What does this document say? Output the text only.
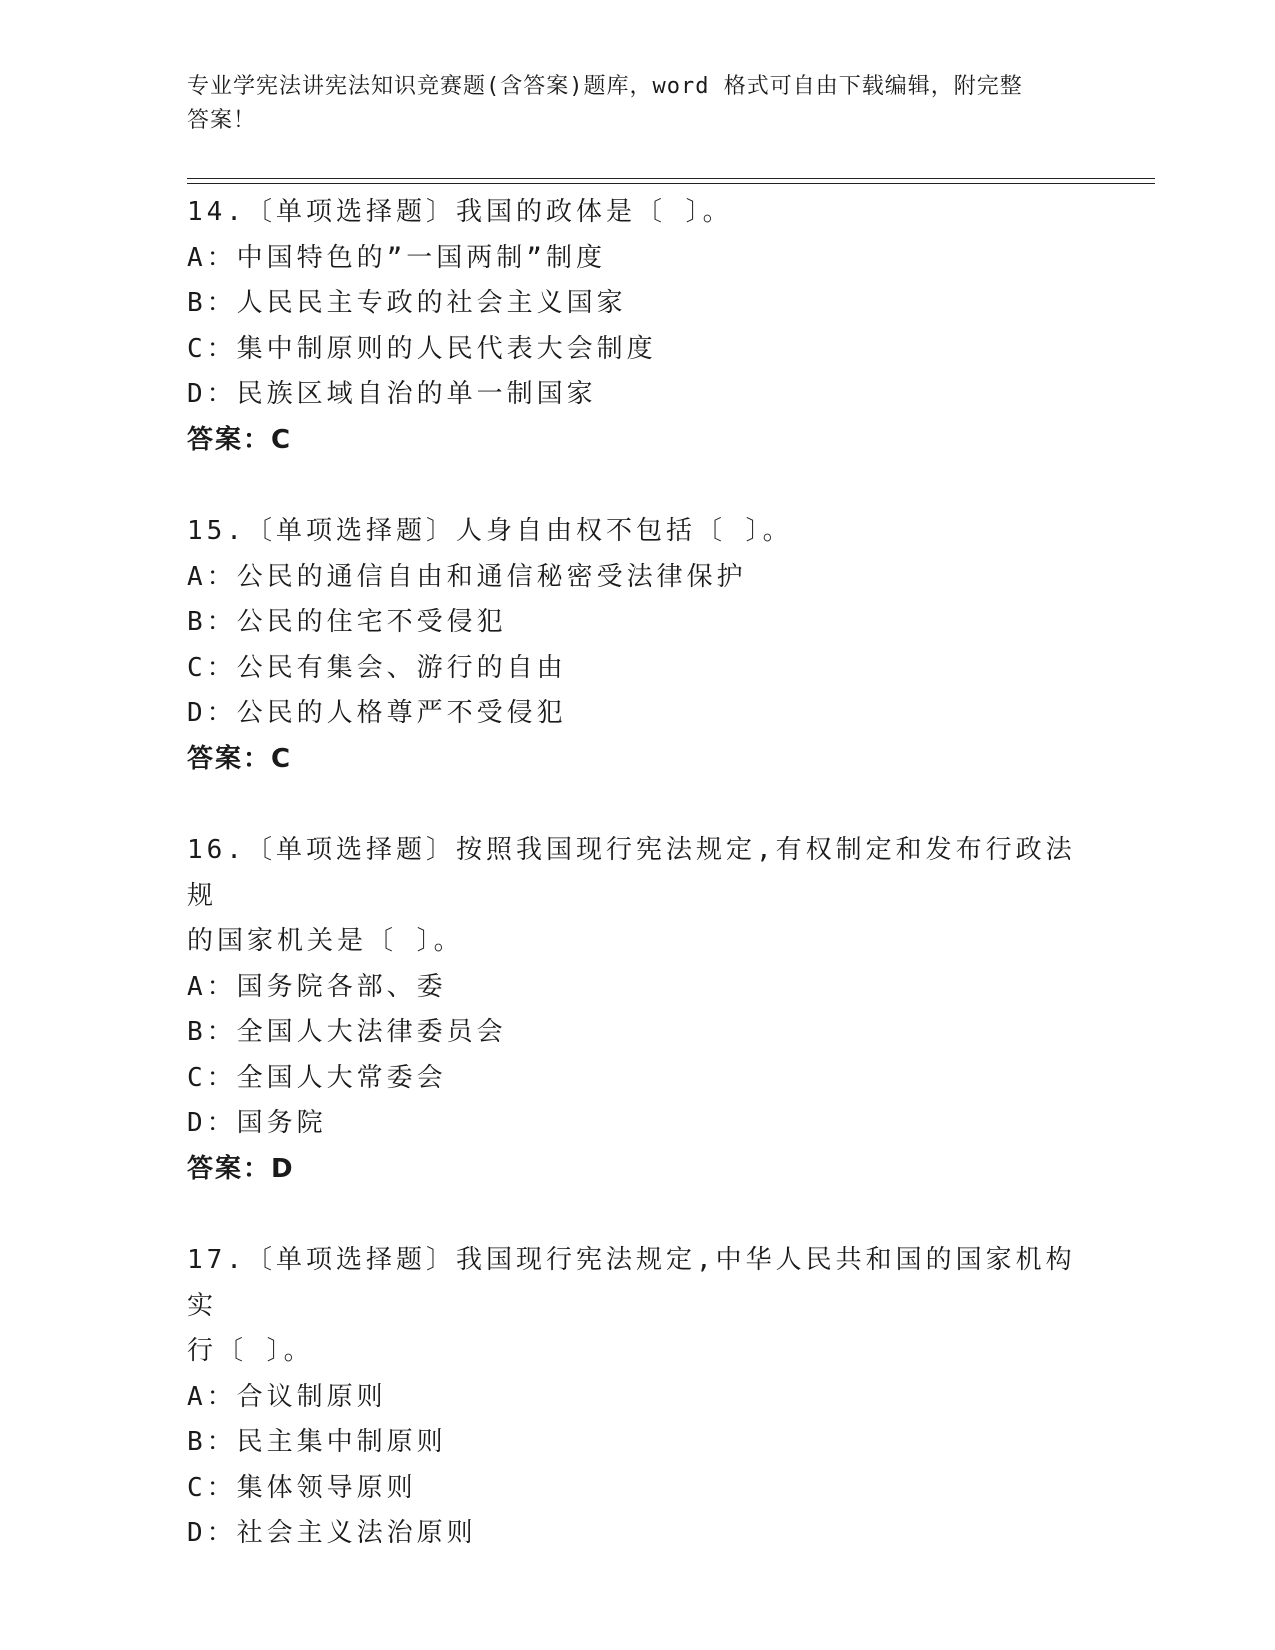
专业学宪法讲宪法知识竞赛题(含答案)题库，word 格式可自由下载编辑，附完整
答案！
14.〔单项选择题〕我国的政体是〔 〕。
A：中国特色的”一国两制”制度
B：人民民主专政的社会主义国家
C：集中制原则的人民代表大会制度
D：民族区域自治的单一制国家
答案：C
15.〔单项选择题〕人身自由权不包括〔 〕。
A：公民的通信自由和通信秘密受法律保护
B：公民的住宅不受侵犯
C：公民有集会、游行的自由
D：公民的人格尊严不受侵犯
答案：C
16.〔单项选择题〕按照我国现行宪法规定,有权制定和发布行政法规
的国家机关是〔 〕。
A：国务院各部、委
B：全国人大法律委员会
C：全国人大常委会
D：国务院
答案：D
17.〔单项选择题〕我国现行宪法规定,中华人民共和国的国家机构实
行〔 〕。
A：合议制原则
B：民主集中制原则
C：集体领导原则
D：社会主义法治原则
